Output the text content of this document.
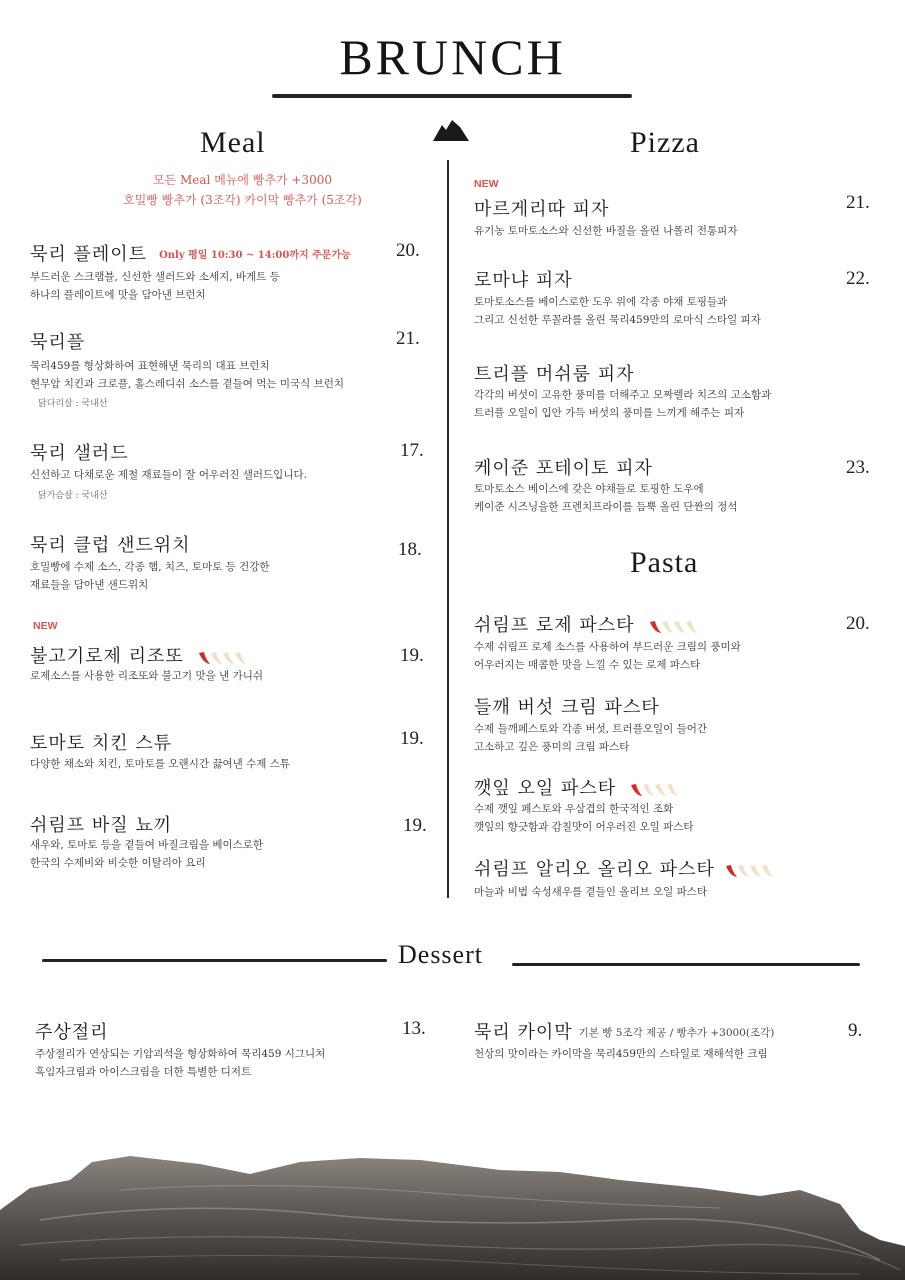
BRUNCH
Meal
모든 Meal 메뉴에 빵추가 +3000
호밀빵 빵추가 (3조각) 카이막 빵추가 (5조각)
묵리 플레이트 Only 평일 10:30 ~ 14:00까지 주문가능 20.
부드러운 스크램블, 신선한 샐러드와 소세지, 바게트 등
하나의 플레이트에 맛을 담아낸 브런치
묵리플	21.
묵리459를 형상화하여 표현해낸 묵리의 대표 브런치
현무암 치킨과 크로플, 홀스레디쉬 소스를 곁들여 먹는 미국식 브런치
닭다리살 : 국내산
묵리 샐러드	17.
신선하고 다채로운 제철 재료들이 잘 어우러진 샐러드입니다.
닭가슴살 : 국내산
묵리 클럽 샌드위치	18.
호밀빵에 수제 소스, 각종 햄, 치즈, 토마토 등 건강한
재료들을 담아낸 샌드위치
NEW
불고기로제 리조또	19.
로제소스를 사용한 리조또와 불고기 맛을 낸 가니쉬
토마토 치킨 스튜	19.
다양한 채소와 치킨, 토마토를 오랜시간 끓여낸 수제 스튜
쉬림프 바질 뇨끼	19.
새우와, 토마토 등을 곁들여 바질크림을 베이스로한
한국의 수제비와 비슷한 이탈리아 요리
Pizza
NEW
마르게리따 피자	21.
유기농 토마토소스와 신선한 바질을 올린 나폴리 전통피자
로마냐 피자	22.
토마토소스를 베이스로한 도우 위에 각종 야채 토핑들과
그리고 신선한 루꼴라를 올린 묵리459만의 로마식 스타일 피자
트리플 머쉬룸 피자
각각의 버섯이 고유한 풍미를 더해주고 모짜렐라 치즈의 고소함과
트러플 오일이 입안 가득 버섯의 풍미를 느끼게 해주는 피자
케이준 포테이토 피자	23.
토마토소스 베이스에 갖은 야채들로 토핑한 도우에
케이준 시즈닝을한 프렌치프라이를 듬뿍 올린 단짠의 정석
Pasta
쉬림프 로제 파스타	20.
수제 쉬림프 로제 소스를 사용하여 부드러운 크림의 풍미와
어우러지는 매콤한 맛을 느낄 수 있는 로제 파스타
들깨 버섯 크림 파스타
수제 들깨페스토와 각종 버섯, 트러플오일이 들어간
고소하고 깊은 풍미의 크림 파스타
깻잎 오일 파스타
수제 깻잎 페스토와 우삼겹의 한국적인 조화
깻잎의 향긋함과 감칠맛이 어우러진 오일 파스타
쉬림프 알리오 올리오 파스타
마늘과 비법 숙성새우를 곁들인 올리브 오일 파스타
Dessert
주상절리	13.
주상절리가 연상되는 기암괴석을 형상화하여 묵리459 시그니처
흑임자크림과 아이스크림을 더한 특별한 디저트
묵리 카이막 기본 빵 5조각 제공 / 빵추가 +3000(조각)	9.
천상의 맛이라는 카이막을 묵리459만의 스타일로 재해석한 크림
